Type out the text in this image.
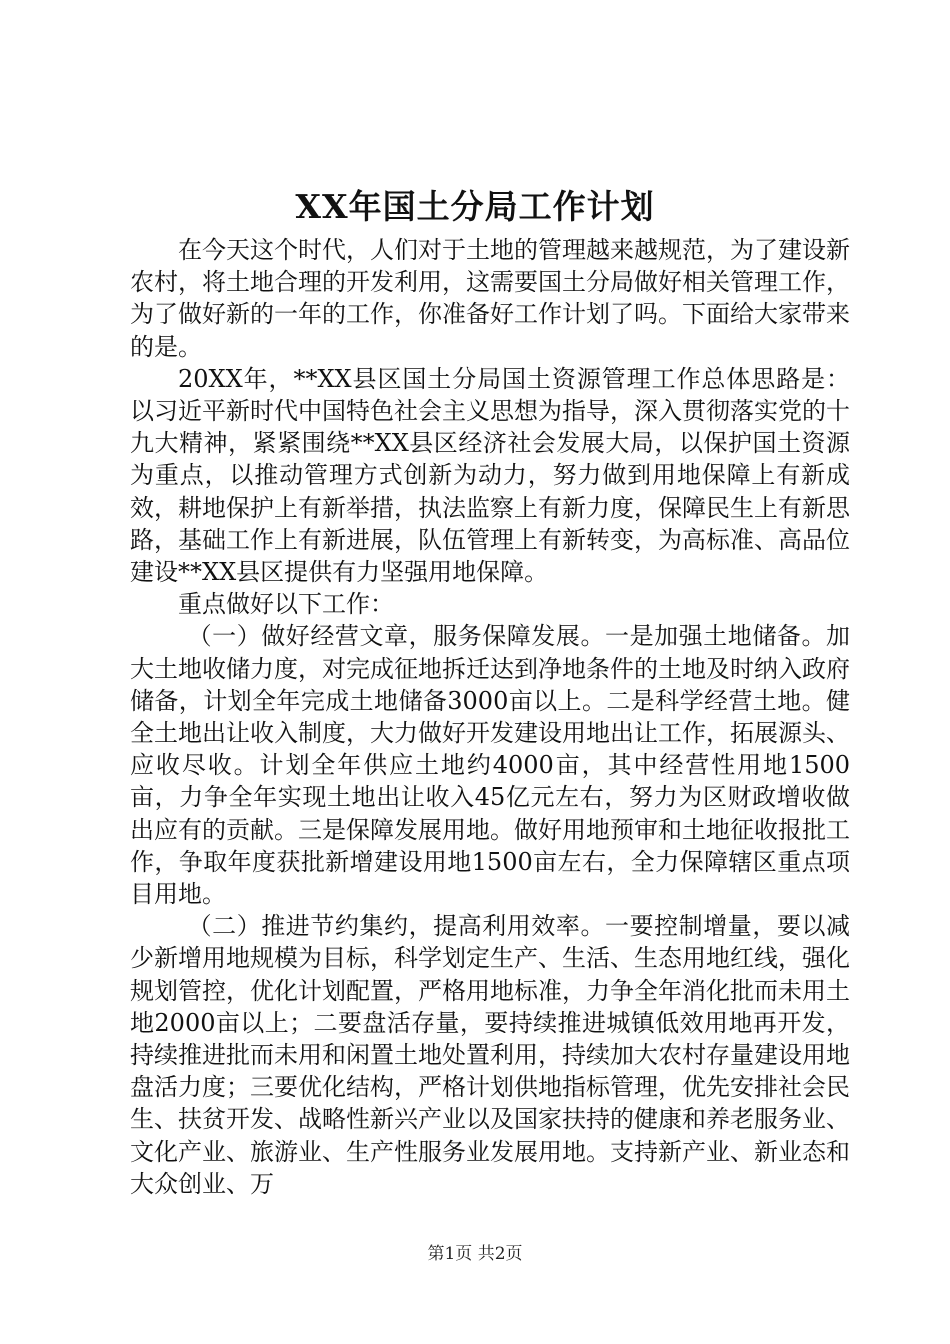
XX年国土分局工作计划

在今天这个时代，人们对于土地的管理越来越规范，为了建设新农村，将土地合理的开发利用，这需要国土分局做好相关管理工作，为了做好新的一年的工作，你准备好工作计划了吗。下面给大家带来的是。

20XX年，**XX县区国土分局国土资源管理工作总体思路是：以习近平新时代中国特色社会主义思想为指导，深入贯彻落实党的十九大精神，紧紧围绕**XX县区经济社会发展大局，以保护国土资源为重点，以推动管理方式创新为动力，努力做到用地保障上有新成效，耕地保护上有新举措，执法监察上有新力度，保障民生上有新思路，基础工作上有新进展，队伍管理上有新转变，为高标准、高品位建设**XX县区提供有力坚强用地保障。

重点做好以下工作：

（一）做好经营文章，服务保障发展。一是加强土地储备。加大土地收储力度，对完成征地拆迁达到净地条件的土地及时纳入政府储备，计划全年完成土地储备3000亩以上。二是科学经营土地。健全土地出让收入制度，大力做好开发建设用地出让工作，拓展源头、应收尽收。计划全年供应土地约4000亩，其中经营性用地1500亩，力争全年实现土地出让收入45亿元左右，努力为区财政增收做出应有的贡献。三是保障发展用地。做好用地预审和土地征收报批工作，争取年度获批新增建设用地1500亩左右，全力保障辖区重点项目用地。

（二）推进节约集约，提高利用效率。一要控制增量，要以减少新增用地规模为目标，科学划定生产、生活、生态用地红线，强化规划管控，优化计划配置，严格用地标准，力争全年消化批而未用土地2000亩以上；二要盘活存量，要持续推进城镇低效用地再开发，持续推进批而未用和闲置土地处置利用，持续加大农村存量建设用地盘活力度；三要优化结构，严格计划供地指标管理，优先安排社会民生、扶贫开发、战略性新兴产业以及国家扶持的健康和养老服务业、文化产业、旅游业、生产性服务业发展用地。支持新产业、新业态和大众创业、万

第1页 共2页
